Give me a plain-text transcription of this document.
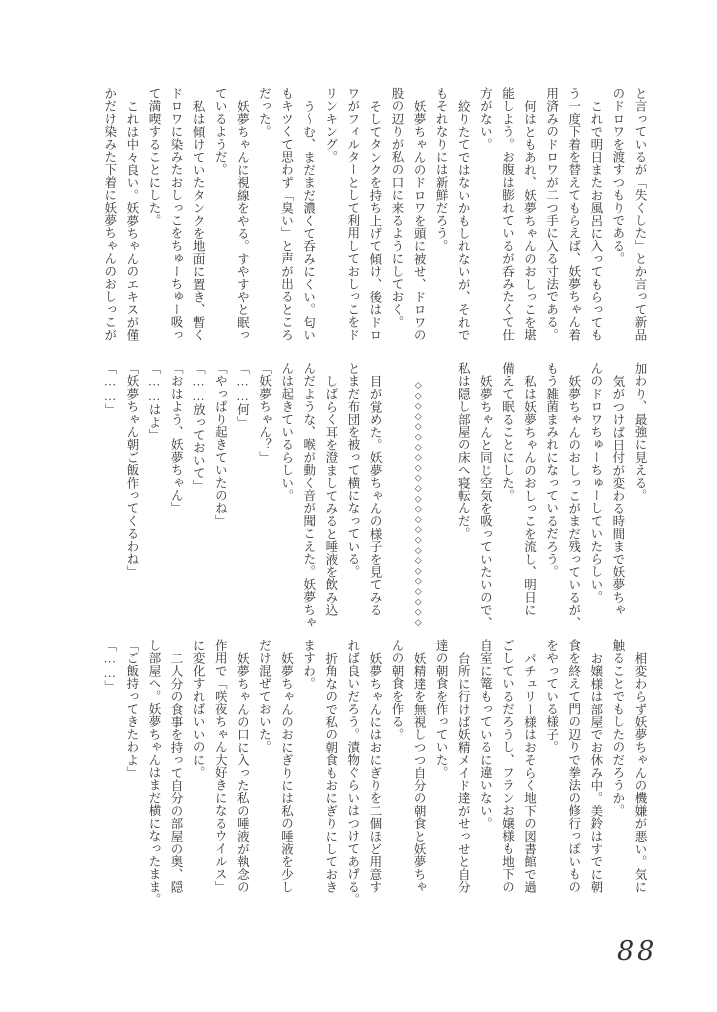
と言っているが「失くした」とか言って新品
のドロワを渡すつもりである。
これで明日またお風呂に入ってもらっても
う一度下着を替えてもらえば、妖夢ちゃん着
用済みのドロワが二つ手に入る寸法である。
何はともあれ、妖夢ちゃんのおしっこを堪
能しよう。お腹は膨れているが呑みたくて仕
方がない。
絞りたてではないかもしれないが、それで
もそれなりには新鮮だろう。
妖夢ちゃんのドロワを頭に被せ、ドロワの
股の辺りが私の口に来るようにしておく。
そしてタンクを持ち上げて傾け、後はドロ
ワがフィルターとして利用しておしっこをド
リンキング。
う〜む、まだまだ濃くて呑みにくい。匂い
もキツくて思わず「臭い」と声が出るところ
だった。
妖夢ちゃんに視線をやる。すやすやと眠っ
ているようだ。
私は傾けていたタンクを地面に置き、暫く
ドロワに染みたおしっこをちゅーちゅー吸っ
て満喫することにした。
これは中々良い。妖夢ちゃんのエキスが僅
かだけ染みた下着に妖夢ちゃんのおしっこが
加わり、最強に見える。
気がつけば日付が変わる時間まで妖夢ちゃ
んのドロワちゅーちゅーしていたらしい。
妖夢ちゃんのおしっこがまだ残っているが、
もう雑菌まみれになっているだろう。
私は妖夢ちゃんのおしっこを流し、明日に
備えて眠ることにした。
妖夢ちゃんと同じ空気を吸っていたいので、
私は隠し部屋の床へ寝転んだ。
◇◇◇◇◇◇◇◇◇◇◇◇◇◇◇◇◇◇◇◇◇◇◇◇
目が覚めた。妖夢ちゃんの様子を見てみる
とまだ布団を被って横になっている。
しばらく耳を澄ましてみると唾液を飲み込
んだような、喉が動く音が聞こえた。妖夢ちゃ
んは起きているらしい。
「妖夢ちゃん？」
「……何」
「やっぱり起きていたのね」
「……放っておいて」
「おはよう、妖夢ちゃん」
「……はよ」
「妖夢ちゃん朝ご飯作ってくるわね」
「……」
相変わらず妖夢ちゃんの機嫌が悪い。気に
触ることでもしたのだろうか。
お嬢様は部屋でお休み中。美鈴はすでに朝
食を終えて門の辺りで拳法の修行っぽいもの
をやっている様子。
パチュリー様はおそらく地下の図書館で過
ごしているだろうし、フランお嬢様も地下の
自室に篭もっているに違いない。
台所に行けば妖精メイド達がせっせと自分
達の朝食を作っていた。
妖精達を無視しつつ自分の朝食と妖夢ちゃ
んの朝食を作る。
妖夢ちゃんにはおにぎりを二個ほど用意す
れば良いだろう。漬物ぐらいはつけてあげる。
折角なので私の朝食もおにぎりにしておき
ますわ。
妖夢ちゃんのおにぎりには私の唾液を少し
だけ混ぜておいた。
妖夢ちゃんの口に入った私の唾液が執念の
作用で「咲夜ちゃん大好きになるウイルス」
に変化すればいいのに。
二人分の食事を持って自分の部屋の奥、隠
し部屋へ。妖夢ちゃんはまだ横になったまま。
「ご飯持ってきたわよ」
「……」
88
